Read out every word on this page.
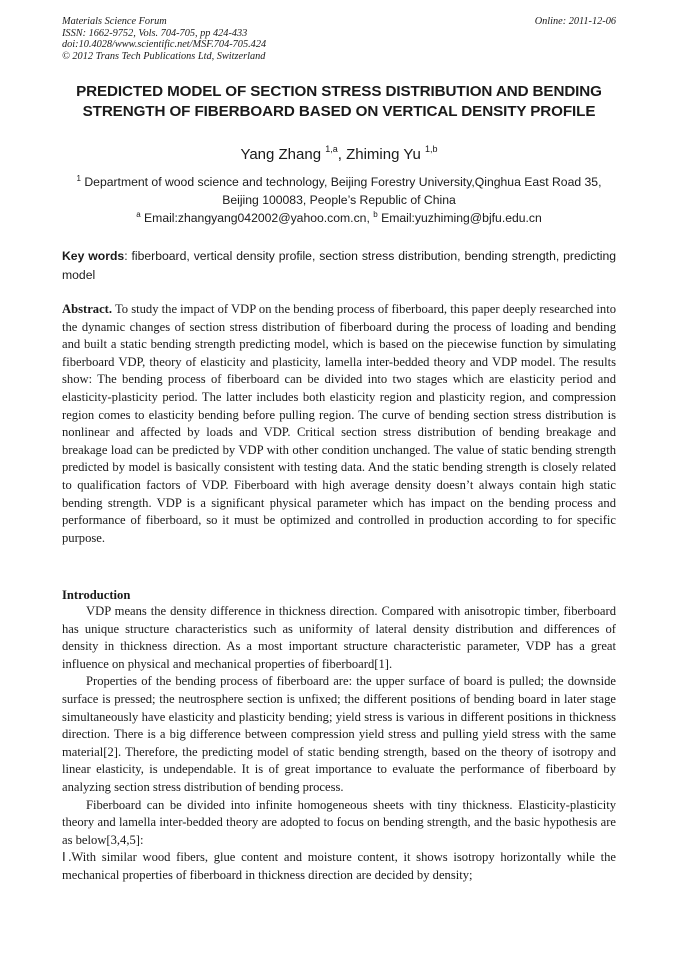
Materials Science Forum
ISSN: 1662-9752, Vols. 704-705, pp 424-433
doi:10.4028/www.scientific.net/MSF.704-705.424
© 2012 Trans Tech Publications Ltd, Switzerland
Online: 2011-12-06
PREDICTED MODEL OF SECTION STRESS DISTRIBUTION AND BENDING STRENGTH OF FIBERBOARD BASED ON VERTICAL DENSITY PROFILE
Yang Zhang $^{1,a}$, Zhiming Yu $^{1,b}$
$^1$ Department of wood science and technology, Beijing Forestry University,Qinghua East Road 35,
Beijing 100083, People’s Republic of China
$^a$ Email:zhangyang042002@yahoo.com.cn, $^b$ Email:yuzhiming@bjfu.edu.cn
Key words: fiberboard, vertical density profile, section stress distribution, bending strength, predicting model
Abstract. To study the impact of VDP on the bending process of fiberboard, this paper deeply researched into the dynamic changes of section stress distribution of fiberboard during the process of loading and bending and built a static bending strength predicting model, which is based on the piecewise function by simulating fiberboard VDP, theory of elasticity and plasticity, lamella inter-bedded theory and VDP model. The results show: The bending process of fiberboard can be divided into two stages which are elasticity period and elasticity-plasticity period. The latter includes both elasticity region and plasticity region, and compression region comes to elasticity bending before pulling region. The curve of bending section stress distribution is nonlinear and affected by loads and VDP. Critical section stress distribution of bending breakage and breakage load can be predicted by VDP with other condition unchanged. The value of static bending strength predicted by model is basically consistent with testing data. And the static bending strength is closely related to qualification factors of VDP. Fiberboard with high average density doesn’t always contain high static bending strength. VDP is a significant physical parameter which has impact on the bending process and performance of fiberboard, so it must be optimized and controlled in production according to for specific purpose.
Introduction

VDP means the density difference in thickness direction. Compared with anisotropic timber, fiberboard has unique structure characteristics such as uniformity of lateral density distribution and differences of density in thickness direction. As a most important structure characteristic parameter, VDP has a great influence on physical and mechanical properties of fiberboard[1].

Properties of the bending process of fiberboard are: the upper surface of board is pulled; the downside surface is pressed; the neutrosphere section is unfixed; the different positions of bending board in later stage simultaneously have elasticity and plasticity bending; yield stress is various in different positions in thickness direction. There is a big difference between compression yield stress and pulling yield stress with the same material[2]. Therefore, the predicting model of static bending strength, based on the theory of isotropy and linear elasticity, is undependable. It is of great importance to evaluate the performance of fiberboard by analyzing section stress distribution of bending process.

Fiberboard can be divided into infinite homogeneous sheets with tiny thickness. Elasticity-plasticity theory and lamella inter-bedded theory are adopted to focus on bending strength, and the basic hypothesis are as below[3,4,5]:

Ⅰ.With similar wood fibers, glue content and moisture content, it shows isotropy horizontally while the mechanical properties of fiberboard in thickness direction are decided by density;
